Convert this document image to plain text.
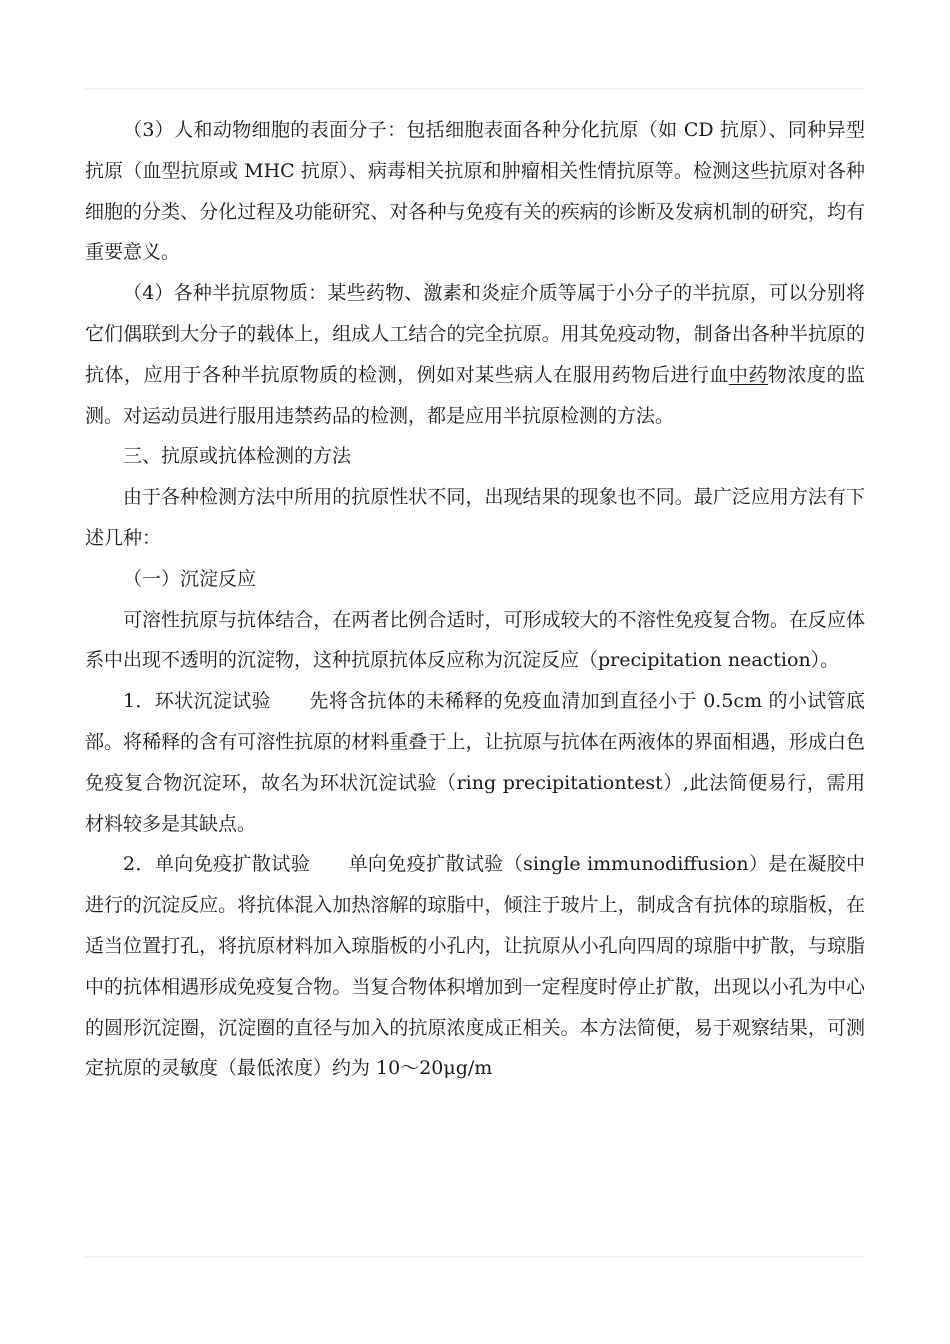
（3）人和动物细胞的表面分子：包括细胞表面各种分化抗原（如 CD 抗原）、同种异型抗原（血型抗原或 MHC 抗原）、病毒相关抗原和肿瘤相关性情抗原等。检测这些抗原对各种细胞的分类、分化过程及功能研究、对各种与免疫有关的疾病的诊断及发病机制的研究，均有重要意义。

（4）各种半抗原物质：某些药物、激素和炎症介质等属于小分子的半抗原，可以分别将它们偶联到大分子的载体上，组成人工结合的完全抗原。用其免疫动物，制备出各种半抗原的抗体，应用于各种半抗原物质的检测，例如对某些病人在服用药物后进行血中药物浓度的监测。对运动员进行服用违禁药品的检测，都是应用半抗原检测的方法。

三、抗原或抗体检测的方法

由于各种检测方法中所用的抗原性状不同，出现结果的现象也不同。最广泛应用方法有下述几种：

（一）沉淀反应

可溶性抗原与抗体结合，在两者比例合适时，可形成较大的不溶性免疫复合物。在反应体系中出现不透明的沉淀物，这种抗原抗体反应称为沉淀反应（precipitation neaction）。

1．环状沉淀试验 先将含抗体的未稀释的免疫血清加到直径小于 0.5cm 的小试管底部。将稀释的含有可溶性抗原的材料重叠于上，让抗原与抗体在两液体的界面相遇，形成白色免疫复合物沉淀环，故名为环状沉淀试验（ring precipitationtest）,此法简便易行，需用材料较多是其缺点。

2．单向免疫扩散试验 单向免疫扩散试验（single immunodiffusion）是在凝胶中进行的沉淀反应。将抗体混入加热溶解的琼脂中，倾注于玻片上，制成含有抗体的琼脂板，在适当位置打孔，将抗原材料加入琼脂板的小孔内，让抗原从小孔向四周的琼脂中扩散，与琼脂中的抗体相遇形成免疫复合物。当复合物体积增加到一定程度时停止扩散，出现以小孔为中心的圆形沉淀圈，沉淀圈的直径与加入的抗原浓度成正相关。本方法简便，易于观察结果，可测定抗原的灵敏度（最低浓度）约为 10～20μg/m
